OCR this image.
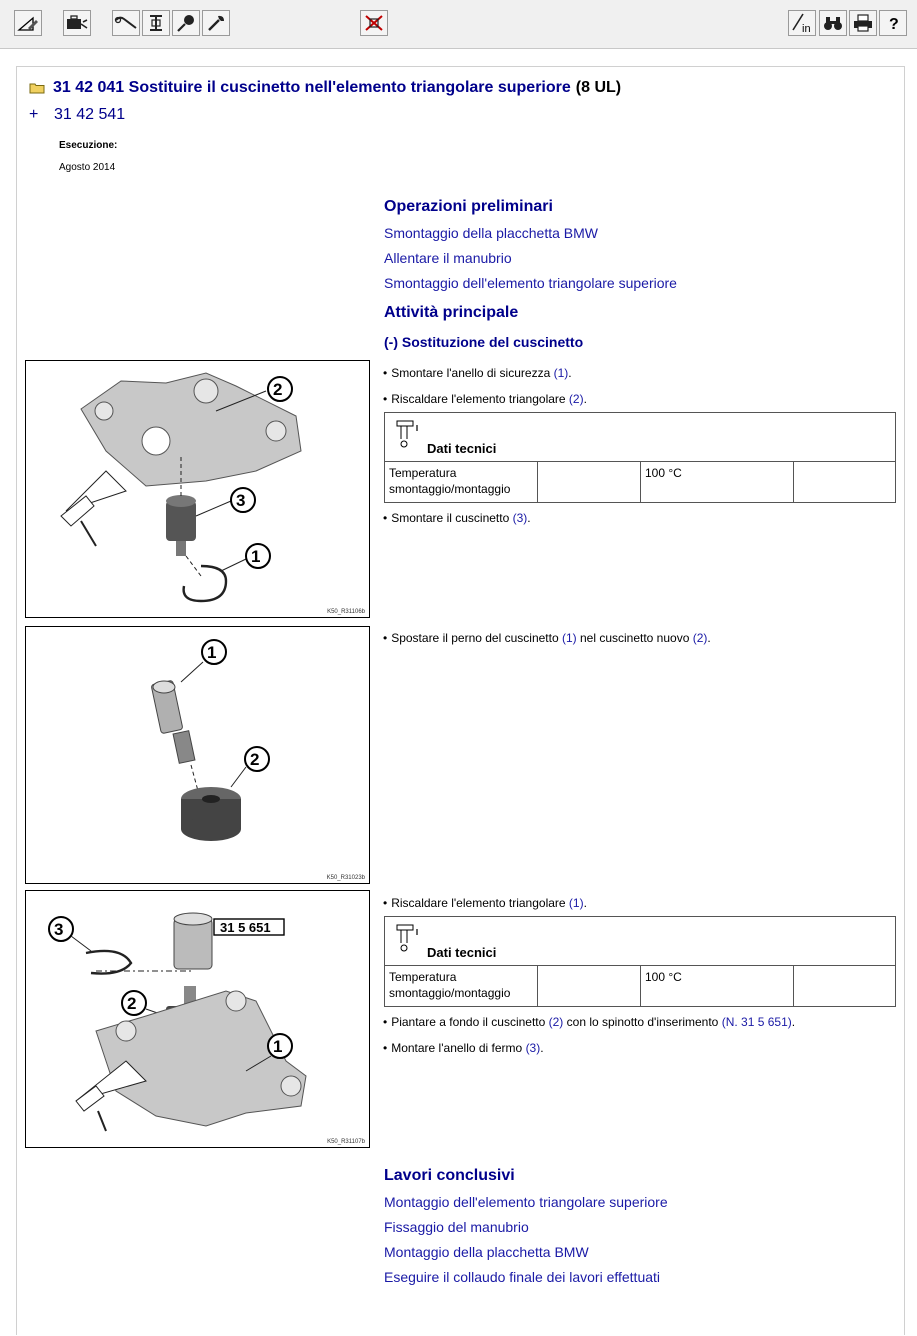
in	?
31 42 041
Sostituire il cuscinetto nell'elemento triangolare superiore (8 UL)
+ 31 42 541
Esecuzione:
Agosto 2014
Operazioni preliminari
Smontaggio della placchetta BMW
Allentare il manubrio
Smontaggio dell'elemento triangolare superiore
Attività principale
(-) Sostituzione del cuscinetto
2
3
1
K50_R31106b
• Smontare l'anello di sicurezza (1).
• Riscaldare l'elemento triangolare (2).
Dati tecnici
Temperatura
smontaggio/montaggio
100 °C
• Smontare il cuscinetto (3).
1
2
K50_R31023b
• Spostare il perno del cuscinetto (1) nel cuscinetto nuovo (2).
31 5 651
3
2
1
K50_R31107b
• Riscaldare l'elemento triangolare (1).
Dati tecnici
Temperatura
smontaggio/montaggio
100 °C
• Piantare a fondo il cuscinetto (2) con lo spinotto d'inserimento (N. 31 5 651).
• Montare l'anello di fermo (3).
Lavori conclusivi
Montaggio dell'elemento triangolare superiore
Fissaggio del manubrio
Montaggio della placchetta BMW
Eseguire il collaudo finale dei lavori effettuati
